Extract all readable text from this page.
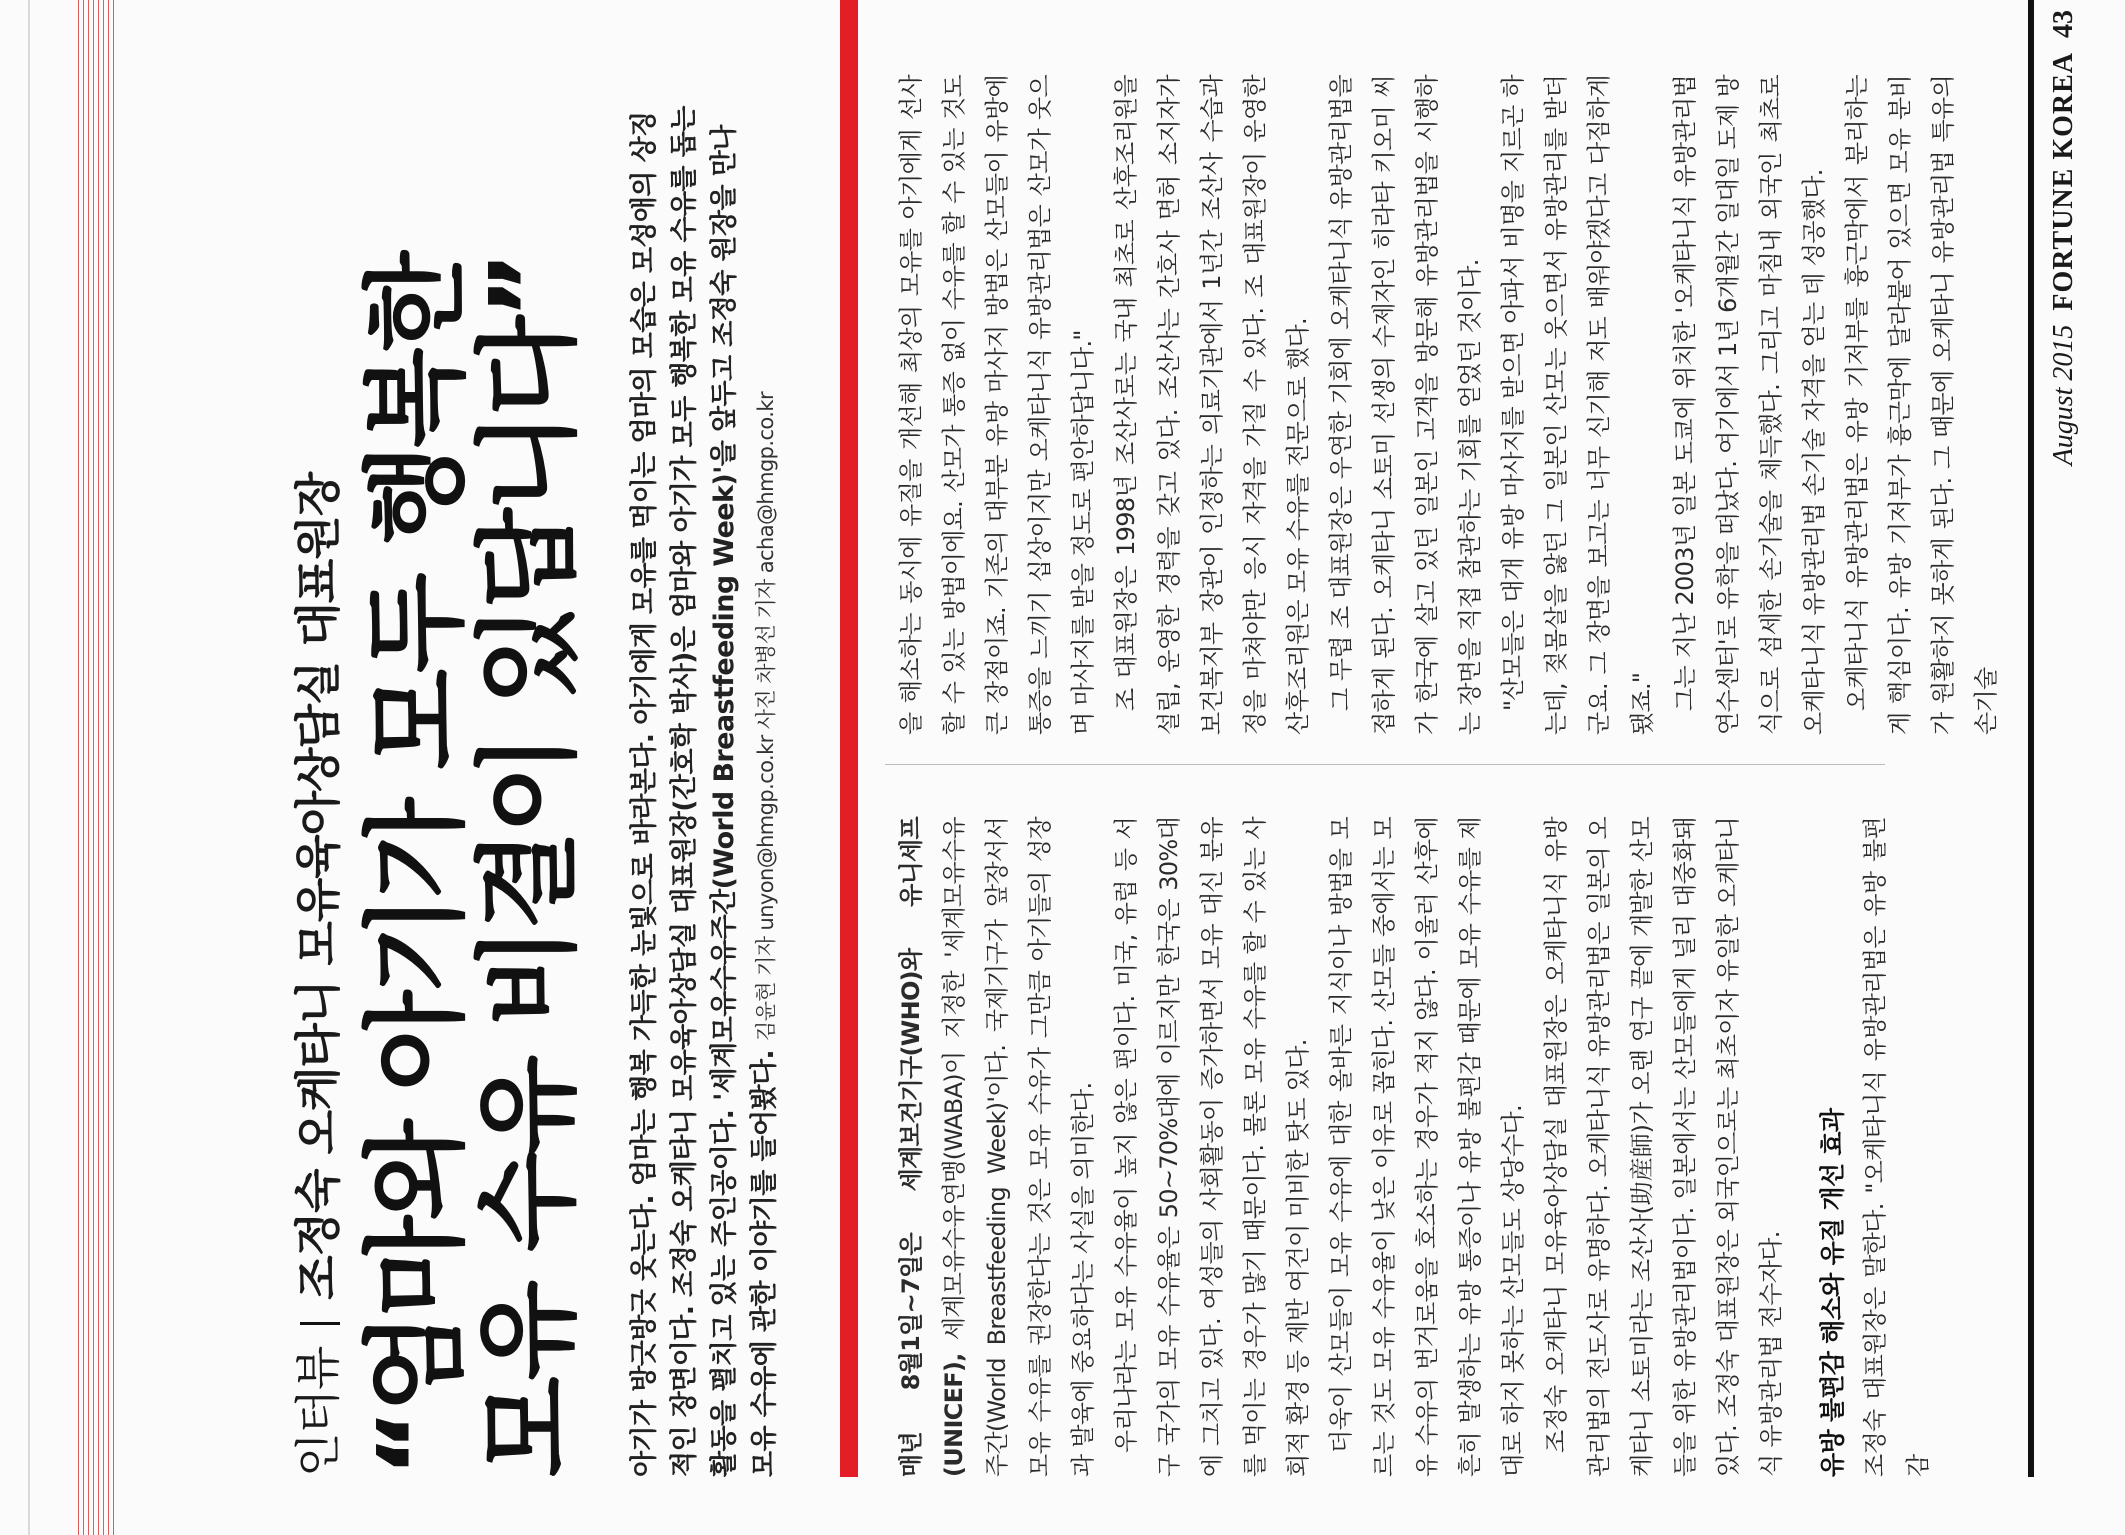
인터뷰조정숙 오케타니 모유육아상담실 대표원장 “엄마와 아기가 모두 행복한
모유 수유 비결이 있답니다” 아기가 방긋방긋 웃는다. 엄마는 행복 가득한 눈빛으로 바라본다. 아기에게 모유를 먹이는 엄마의 모습은 모성애의 상징적인 장면이다. 조정숙 오케타니 모유육아상담실 대표원장(간호학 박사)은 엄마와 아기가 모두 행복한 모유 수유를 돕는 활동을 펼치고 있는 주인공이다. '세계모유수유주간(World Breastfeeding Week)'을 앞두고 조정숙 원장을 만나 모유 수유에 관한 이야기를 들어봤다. 김윤현 기자 unyon@hmgp.co.kr 사진 차병선 기자 acha@hmgp.co.kr

매년 8월1일~7일은 세계보건기구(WHO)와 유니세프(UNICEF), 세계모유수유연맹(WABA)이 지정한 '세계모유수유주간(World Breastfeeding Week)'이다. 국제기구가 앞장서서 모유 수유를 권장한다는 것은 모유 수유가 그만큼 아기들의 성장과 발육에 중요하다는 사실을 의미한다. 우리나라는 모유 수유율이 높지 않은 편이다. 미국, 유럽 등 서구 국가의 모유 수유율은 50~70%대에 이르지만 한국은 30%대에 그치고 있다. 여성들의 사회활동이 증가하면서 모유 대신 분유를 먹이는 경우가 많기 때문이다. 물론 모유 수유를 할 수 있는 사회적 환경 등 제반 여건이 미비한 탓도 있다. 더욱이 산모들이 모유 수유에 대한 올바른 지식이나 방법을 모르는 것도 모유 수유율이 낮은 이유로 꼽힌다. 산모들 중에서는 모유 수유의 번거로움을 호소하는 경우가 적지 않다. 이울러 산후에 흔히 발생하는 유방 통증이나 유방 불편감 때문에 모유 수유를 제대로 하지 못하는 산모들도 상당수다. 조정숙 오케타니 모유육아상담실 대표원장은 오케타니식 유방관리법의 전도사로 유명하다. 오케타니식 유방관리법은 일본의 오케타니 소토미라는 조산사(助産師)가 오랜 연구 끝에 개발한 산모들을 위한 유방관리법이다. 일본에서는 산모들에게 널리 대중화돼 있다. 조정숙 대표원장은 외국인으로는 최초이자 유일한 오케타니식 유방관리법 전수자다.	유방 불편감 해소와 유질 개선 효과 조정숙 대표원장은 말한다. "오케타니식 유방관리법은 유방 불편감

을 해소하는 동시에 유질을 개선해 최상의 모유를 아기에게 선사할 수 있는 방법이에요. 산모가 통증 없이 수유를 할 수 있는 것도 큰 장점이죠. 기존의 대부분 유방 마사지 방법은 산모들이 유방에 통증을 느끼기 십상이지만 오케타니식 유방관리법은 산모가 웃으며 마사지를 받을 정도로 편안하답니다." 조 대표원장은 1998년 조산사로는 국내 최초로 산후조리원을 설립, 운영한 경력을 갖고 있다. 조산사는 간호사 면허 소지자가 보건복지부 장관이 인정하는 의료기관에서 1년간 조산사 수습과정을 마쳐야만 응시 자격을 가질 수 있다. 조 대표원장이 운영한 산후조리원은 모유 수유를 전문으로 했다. 그 무렵 조 대표원장은 우연한 기회에 오케타니식 유방관리법을 접하게 된다. 오케타니 소토미 선생의 수제자인 히라타 키오미 씨가 한국에 살고 있던 일본인 고객을 방문해 유방관리법을 시행하는 장면을 직접 참관하는 기회를 얻었던 것이다. "산모들은 대개 유방 마사지를 받으면 아파서 비명을 지르곤 하는데, 젖몸살을 앓던 그 일본인 산모는 웃으면서 유방관리를 받더군요. 그 장면을 보고는 너무 신기해 저도 배워야겠다고 다짐하게 됐죠." 그는 지난 2003년 일본 도쿄에 위치한 '오케타니식 유방관리법 연수센터'로 유학을 떠났다. 여기에서 1년 6개월간 일대일 도제 방식으로 섬세한 손기술을 체득했다. 그리고 마침내 외국인 최초로 오케타니식 유방관리법 손기술 자격을 얻는 데 성공했다. 오케타니식 유방관리법은 유방 기저부를 흉근막에서 분리하는 게 핵심이다. 유방 기저부가 흉근막에 달라붙어 있으면 모유 분비가 원활하지 못하게 된다. 그 때문에 오케타니 유방관리법 특유의 손기술

August 2015FORTUNE KOREA43
